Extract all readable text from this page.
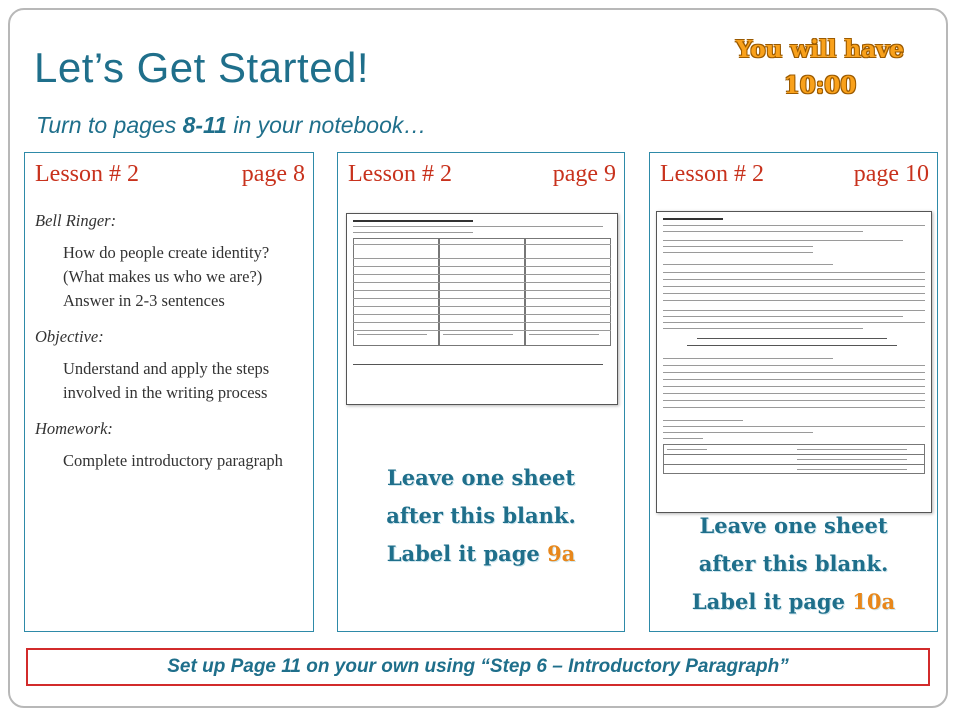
Let’s Get Started!
Turn to pages 8-11 in your notebook…
You will have
10:00
Lesson # 2	page 8
Bell Ringer:
How do people create identity? (What makes us who we are?) Answer in 2-3 sentences
Objective:
Understand and apply the steps involved in the writing process
Homework:
Complete introductory paragraph
Lesson # 2	page 9
Leave one sheet
after this blank.
Label it page 9a
Lesson # 2	page 10
Leave one sheet
after this blank.
Label it page 10a
Set up Page 11 on your own using “Step 6 – Introductory Paragraph”
